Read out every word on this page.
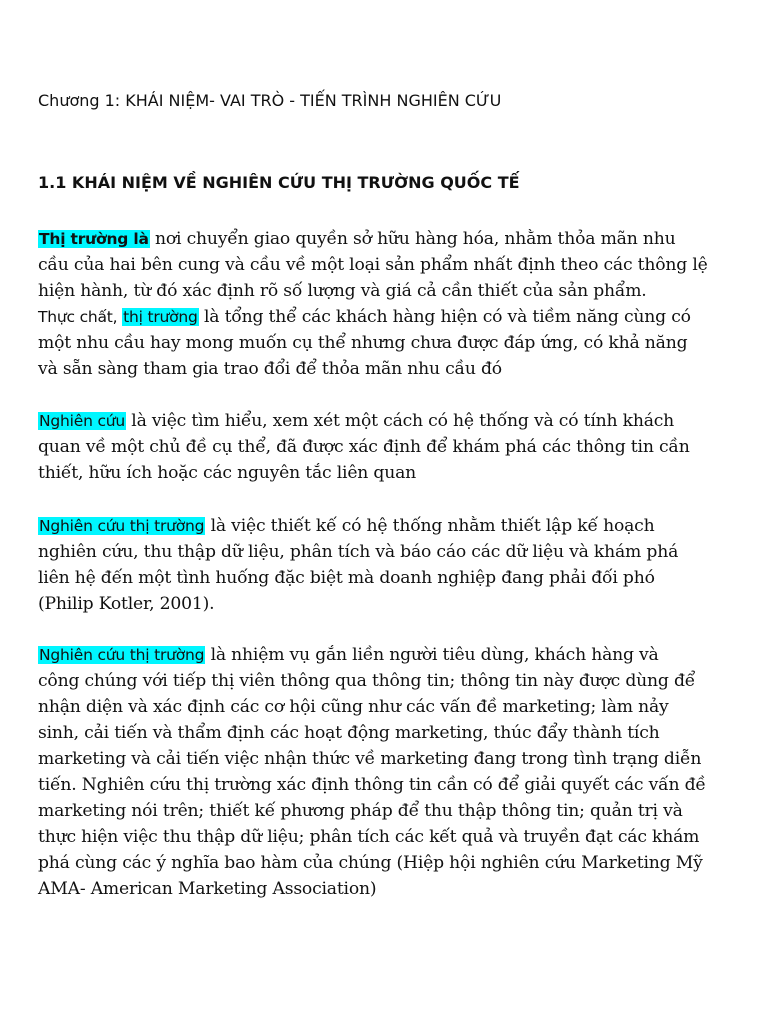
Chương 1: KHÁI NIỆM- VAI TRÒ - TIẾN TRÌNH NGHIÊN CỨU
1.1 KHÁI NIỆM VỀ NGHIÊN CỨU THỊ TRƯỜNG QUỐC TẾ

Thị trường là nơi chuyển giao quyền sở hữu hàng hóa, nhằm thỏa mãn nhu
cầu của hai bên cung và cầu về một loại sản phẩm nhất định theo các thông lệ
hiện hành, từ đó xác định rõ số lượng và giá cả cần thiết của sản phẩm.
Thực chất, thị trường là tổng thể các khách hàng hiện có và tiềm năng cùng có
một nhu cầu hay mong muốn cụ thể nhưng chưa được đáp ứng, có khả năng
và sẵn sàng tham gia trao đổi để thỏa mãn nhu cầu đó

Nghiên cứu là việc tìm hiểu, xem xét một cách có hệ thống và có tính khách
quan về một chủ đề cụ thể, đã được xác định để khám phá các thông tin cần
thiết, hữu ích hoặc các nguyên tắc liên quan

Nghiên cứu thị trường là việc thiết kế có hệ thống nhằm thiết lập kế hoạch
nghiên cứu, thu thập dữ liệu, phân tích và báo cáo các dữ liệu và khám phá
liên hệ đến một tình huống đặc biệt mà doanh nghiệp đang phải đối phó
(Philip Kotler, 2001).

Nghiên cứu thị trường là nhiệm vụ gắn liền người tiêu dùng, khách hàng và
công chúng với tiếp thị viên thông qua thông tin; thông tin này được dùng để
nhận diện và xác định các cơ hội cũng như các vấn đề marketing; làm nảy
sinh, cải tiến và thẩm định các hoạt động marketing, thúc đẩy thành tích
marketing và cải tiến việc nhận thức về marketing đang trong tình trạng diễn
tiến. Nghiên cứu thị trường xác định thông tin cần có để giải quyết các vấn đề
marketing nói trên; thiết kế phương pháp để thu thập thông tin; quản trị và
thực hiện việc thu thập dữ liệu; phân tích các kết quả và truyền đạt các khám
phá cùng các ý nghĩa bao hàm của chúng (Hiệp hội nghiên cứu Marketing Mỹ
AMA- American Marketing Association)
